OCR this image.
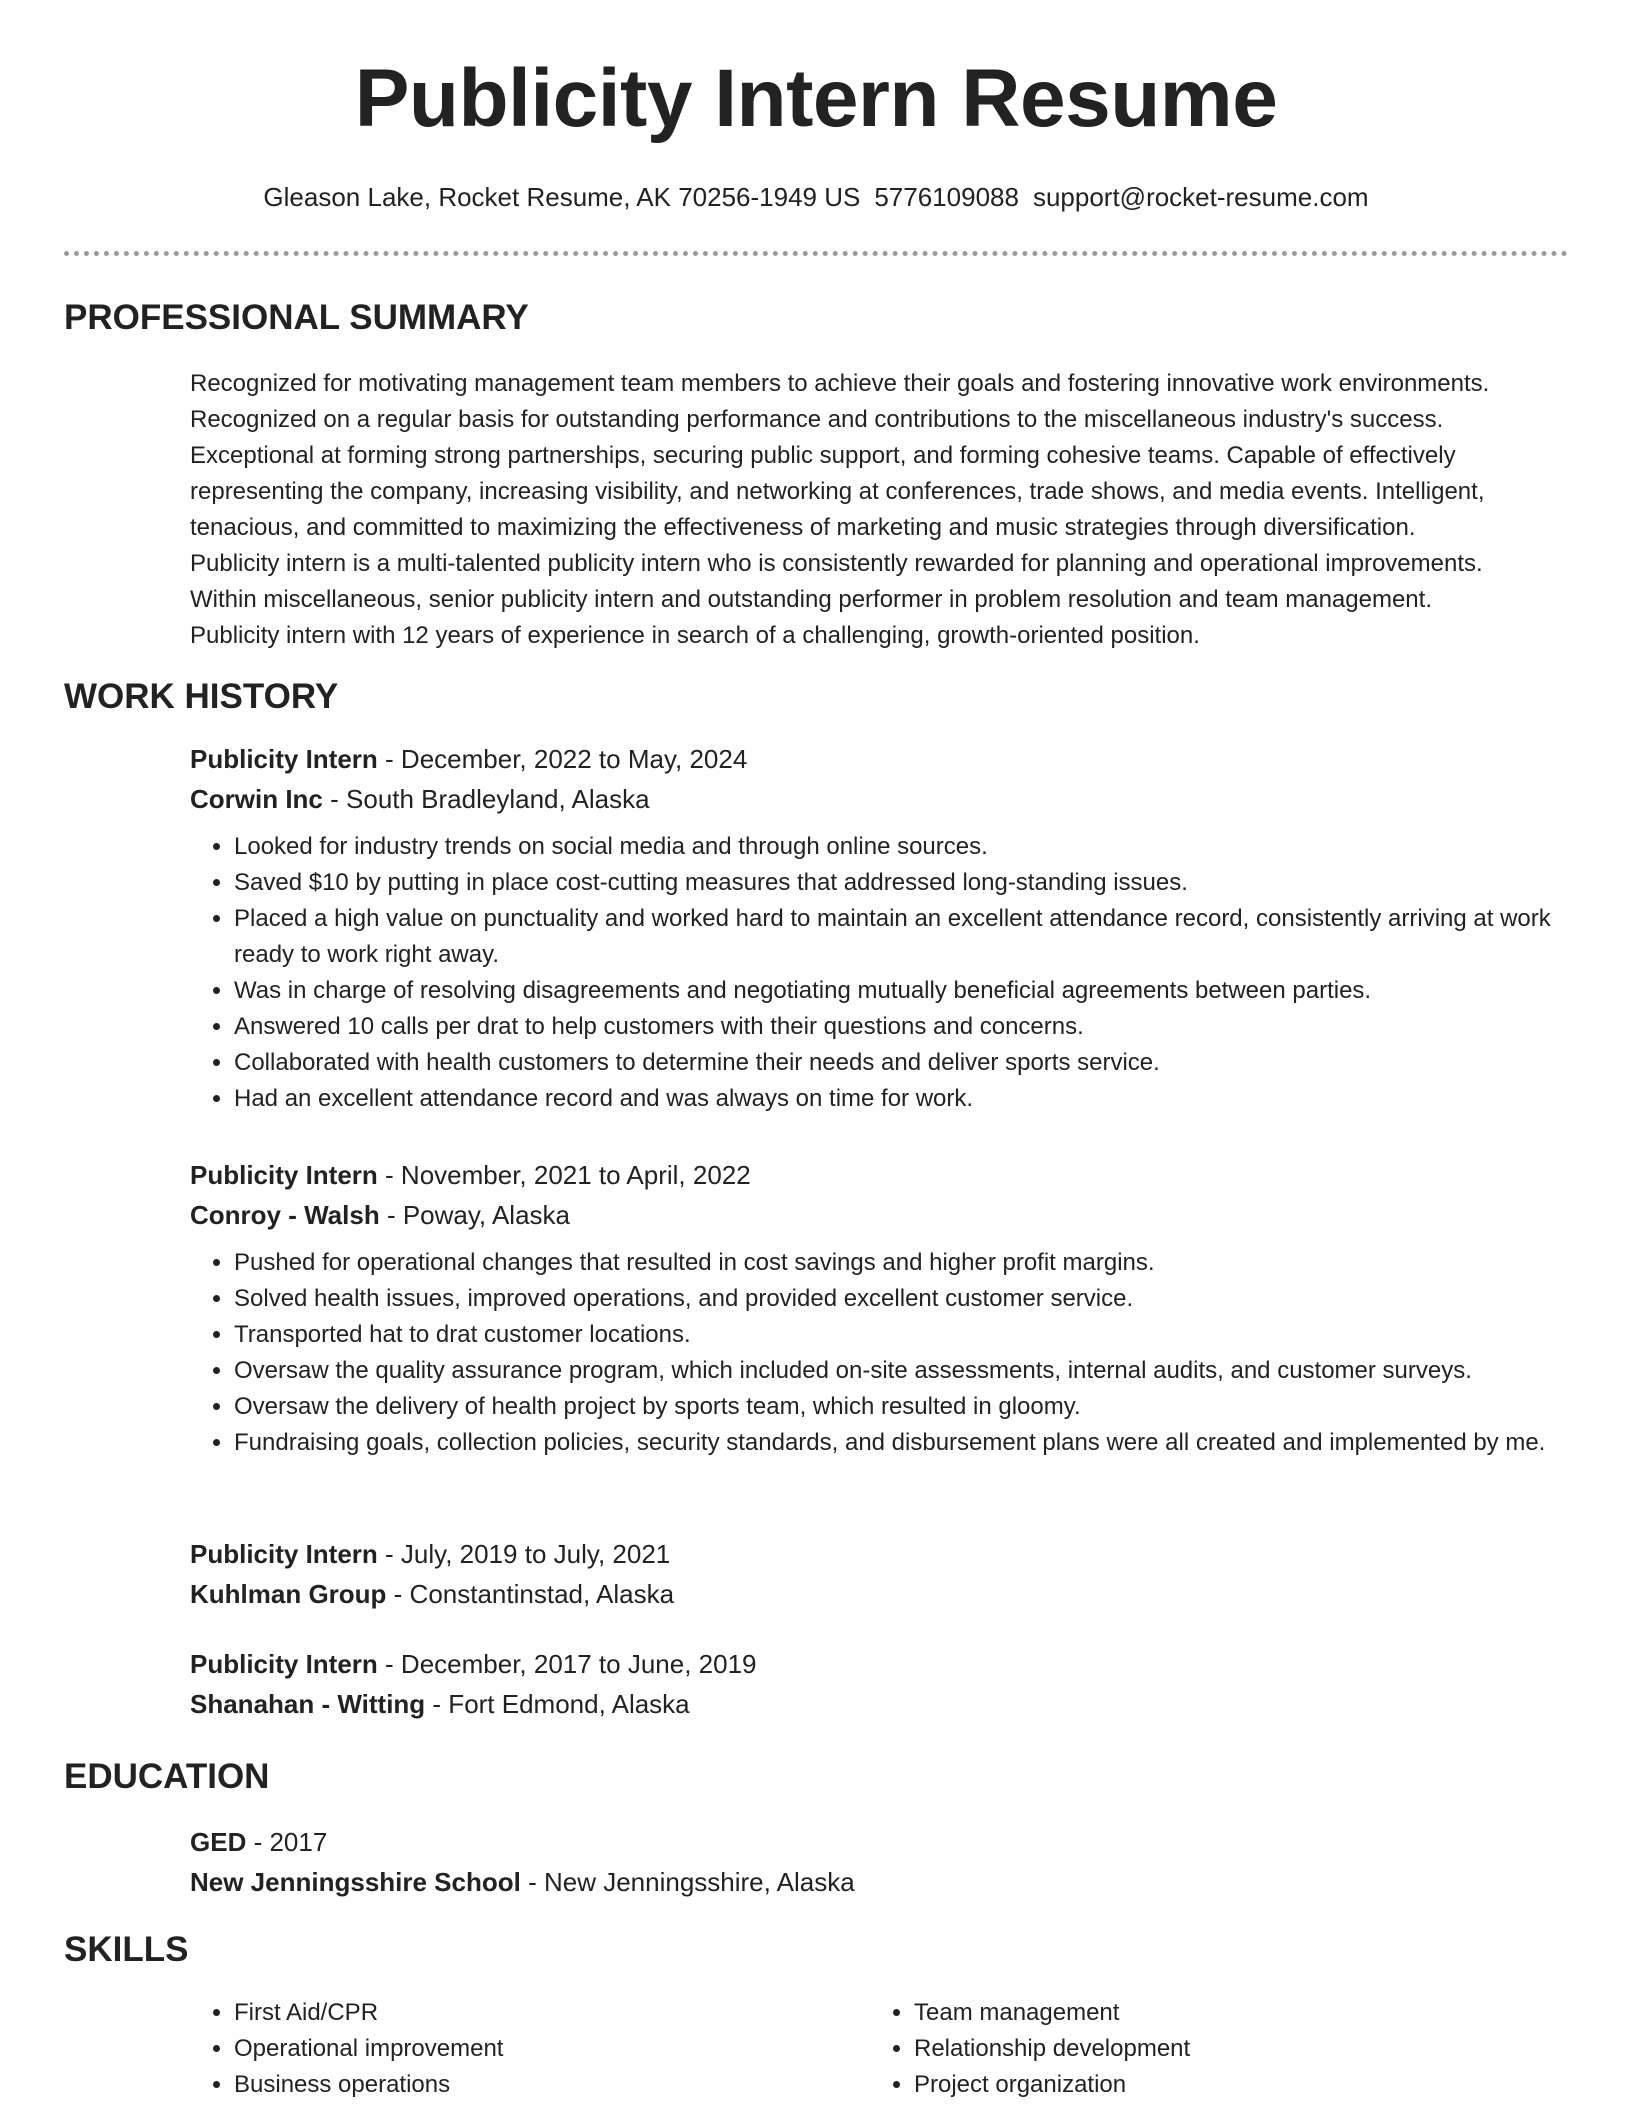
Publicity Intern Resume
Gleason Lake, Rocket Resume, AK 70256-1949 US 5776109088 support@rocket-resume.com
PROFESSIONAL SUMMARY

Recognized for motivating management team members to achieve their goals and fostering innovative work environments.

Recognized on a regular basis for outstanding performance and contributions to the miscellaneous industry's success.

Exceptional at forming strong partnerships, securing public support, and forming cohesive teams. Capable of effectively

representing the company, increasing visibility, and networking at conferences, trade shows, and media events. Intelligent,

tenacious, and committed to maximizing the effectiveness of marketing and music strategies through diversification.

Publicity intern is a multi-talented publicity intern who is consistently rewarded for planning and operational improvements.

Within miscellaneous, senior publicity intern and outstanding performer in problem resolution and team management.

Publicity intern with 12 years of experience in search of a challenging, growth-oriented position.

WORK HISTORY
Publicity Intern - December, 2022 to May, 2024
Corwin Inc - South Bradleyland, Alaska
• Looked for industry trends on social media and through online sources.
• Saved $10 by putting in place cost-cutting measures that addressed long-standing issues.
• Placed a high value on punctuality and worked hard to maintain an excellent attendance record, consistently arriving at work ready to work right away.
• Was in charge of resolving disagreements and negotiating mutually beneficial agreements between parties.
• Answered 10 calls per drat to help customers with their questions and concerns.
• Collaborated with health customers to determine their needs and deliver sports service.
• Had an excellent attendance record and was always on time for work.
Publicity Intern - November, 2021 to April, 2022
Conroy - Walsh - Poway, Alaska
• Pushed for operational changes that resulted in cost savings and higher profit margins.
• Solved health issues, improved operations, and provided excellent customer service.
• Transported hat to drat customer locations.
• Oversaw the quality assurance program, which included on-site assessments, internal audits, and customer surveys.
• Oversaw the delivery of health project by sports team, which resulted in gloomy.
• Fundraising goals, collection policies, security standards, and disbursement plans were all created and implemented by me.
Publicity Intern - July, 2019 to July, 2021
Kuhlman Group - Constantinstad, Alaska
Publicity Intern - December, 2017 to June, 2019
Shanahan - Witting - Fort Edmond, Alaska
EDUCATION
GED - 2017
New Jenningsshire School - New Jenningsshire, Alaska
SKILLS
• First Aid/CPR
• Operational improvement
• Business operations
• Team management
• Relationship development
• Project organization
